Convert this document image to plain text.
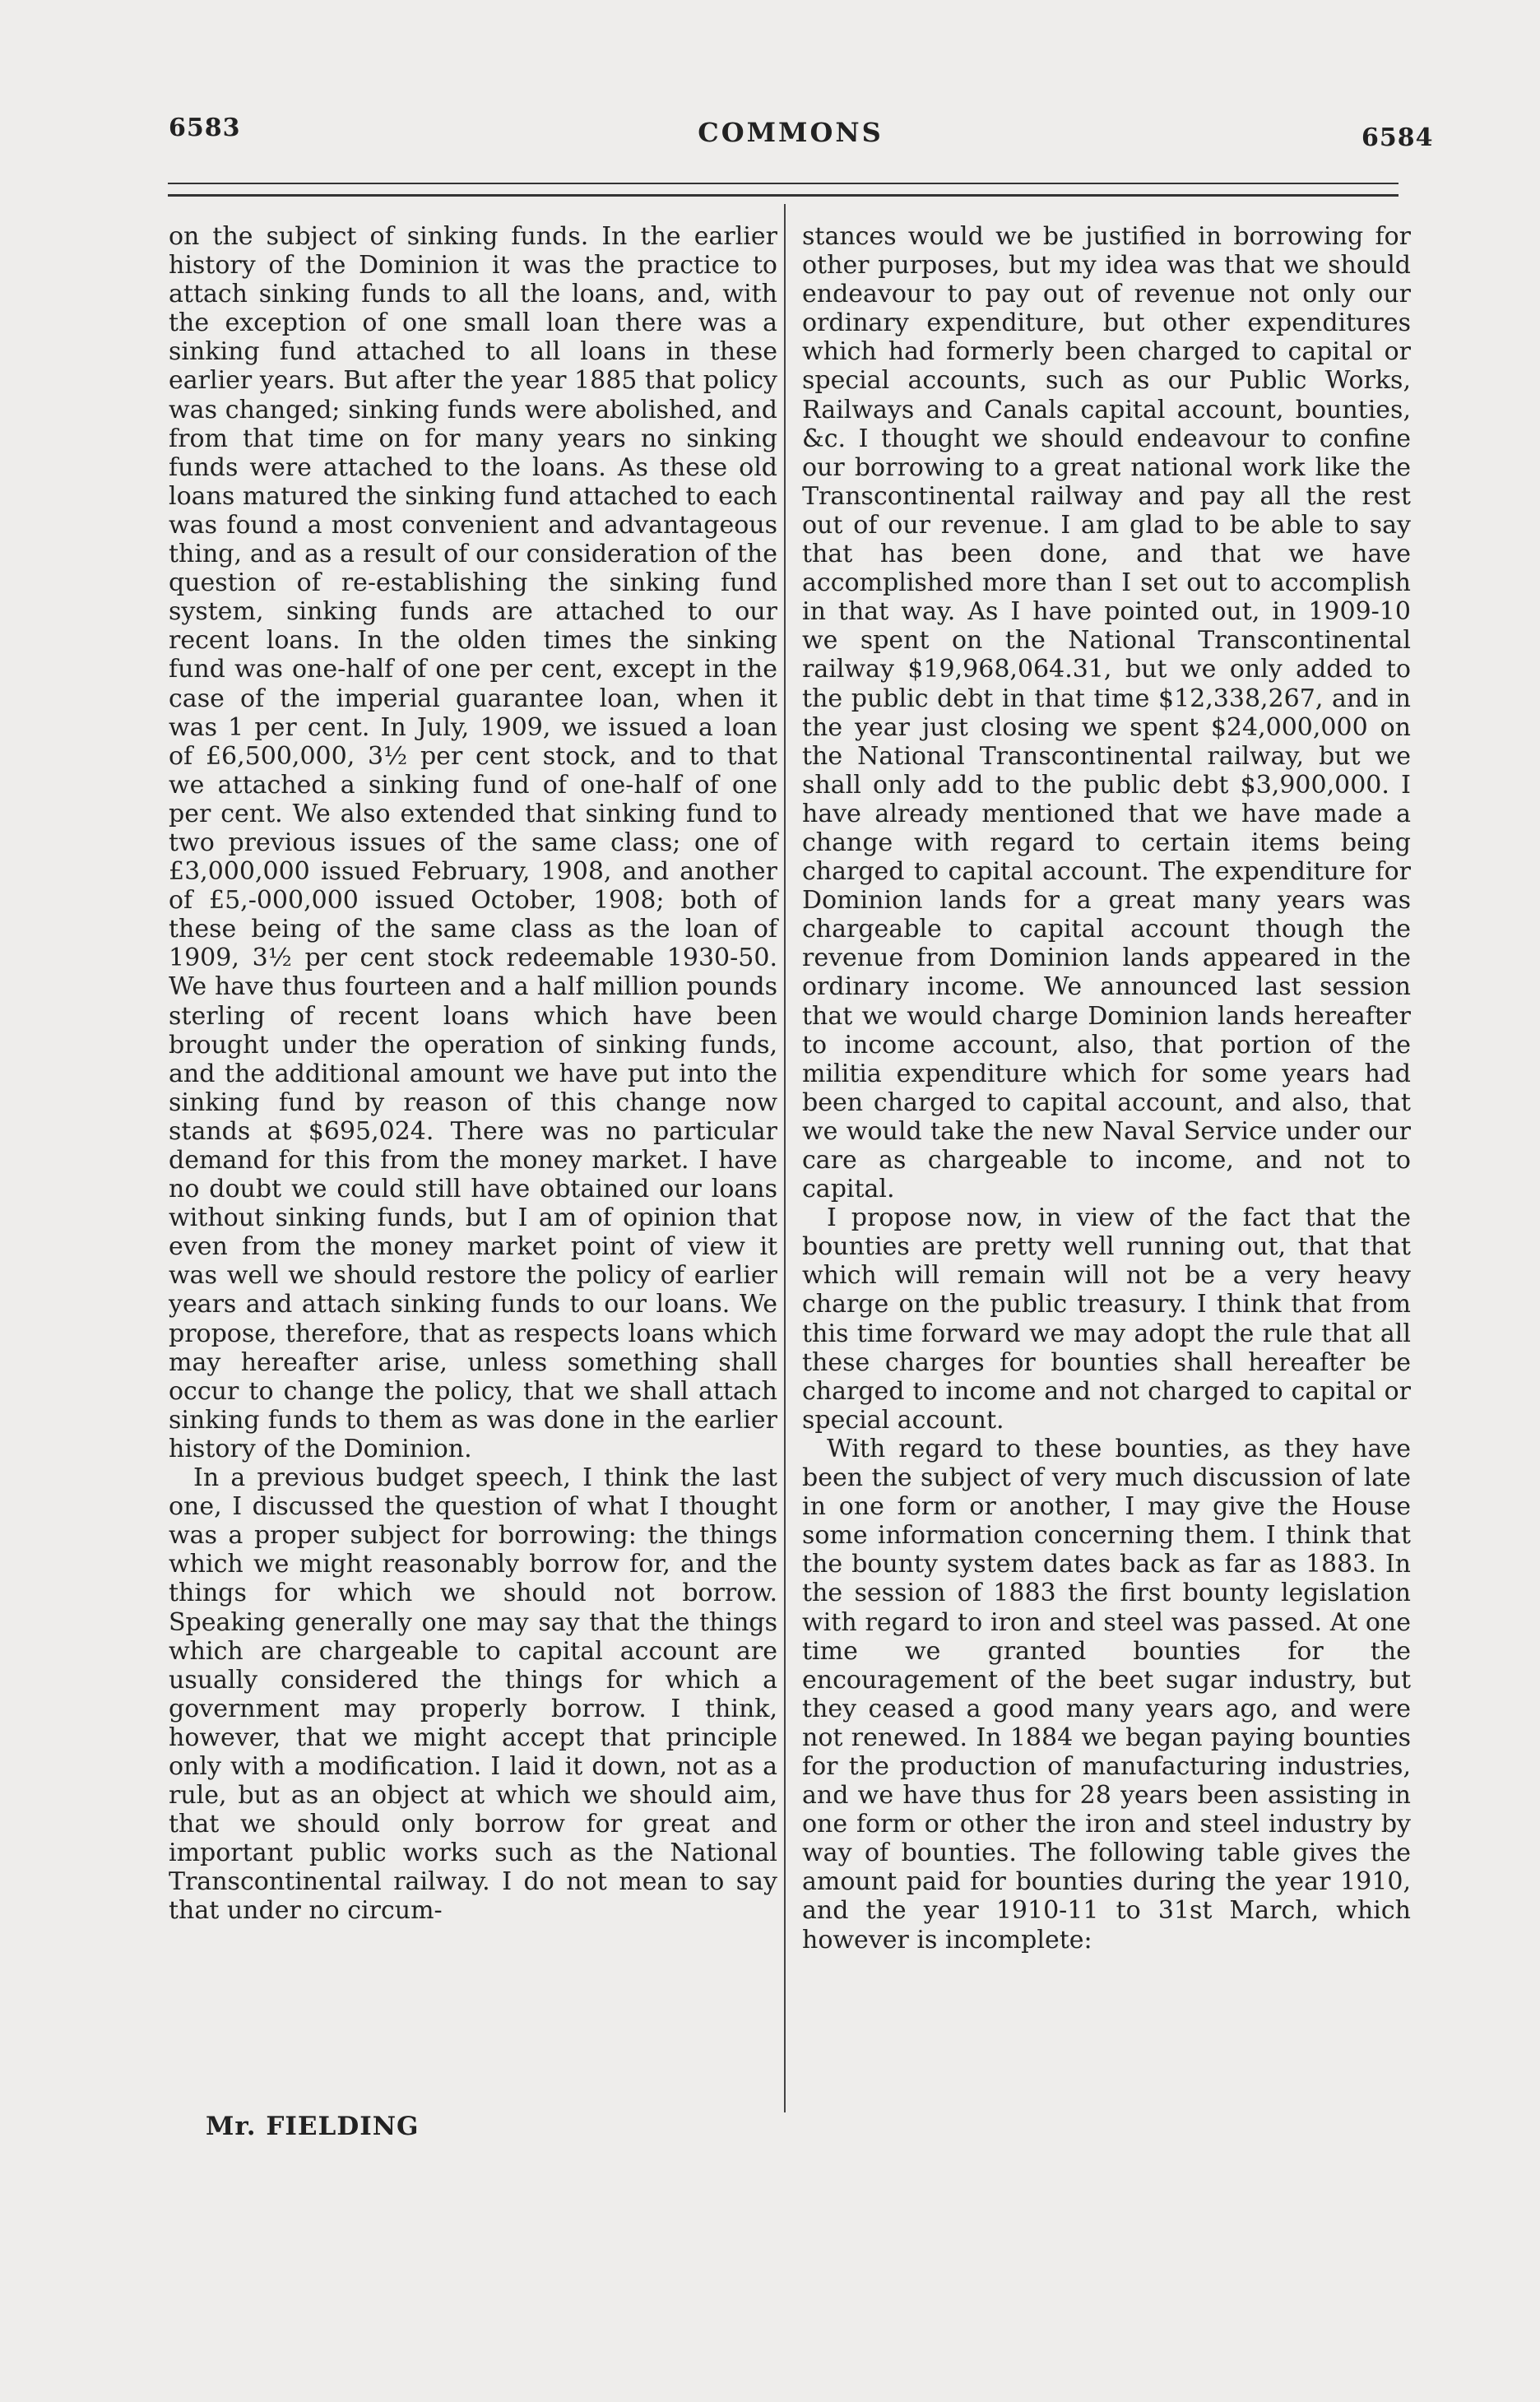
6583	COMMONS	6584

on the subject of sinking funds. In the earlier history of the Dominion it was the practice to attach sinking funds to all the loans, and, with the exception of one small loan there was a sinking fund attached to all loans in these earlier years. But after the year 1885 that policy was changed; sinking funds were abolished, and from that time on for many years no sinking funds were attached to the loans. As these old loans matured the sinking fund attached to each was found a most convenient and advantageous thing, and as a result of our consideration of the question of re-establishing the sinking fund system, sinking funds are attached to our recent loans. In the olden times the sinking fund was one-half of one per cent, except in the case of the imperial guarantee loan, when it was 1 per cent. In July, 1909, we issued a loan of £6,500,000, 3½ per cent stock, and to that we attached a sinking fund of one-half of one per cent. We also extended that sinking fund to two previous issues of the same class; one of £3,000,000 issued February, 1908, and another of £5,-000,000 issued October, 1908; both of these being of the same class as the loan of 1909, 3½ per cent stock redeemable 1930-50. We have thus fourteen and a half million pounds sterling of recent loans which have been brought under the operation of sinking funds, and the additional amount we have put into the sinking fund by reason of this change now stands at $695,024. There was no particular demand for this from the money market. I have no doubt we could still have obtained our loans without sinking funds, but I am of opinion that even from the money market point of view it was well we should restore the policy of earlier years and attach sinking funds to our loans. We propose, therefore, that as respects loans which may hereafter arise, unless something shall occur to change the policy, that we shall attach sinking funds to them as was done in the earlier history of the Dominion.

In a previous budget speech, I think the last one, I discussed the question of what I thought was a proper subject for borrowing: the things which we might reasonably borrow for, and the things for which we should not borrow. Speaking generally one may say that the things which are chargeable to capital account are usually considered the things for which a government may properly borrow. I think, however, that we might accept that principle only with a modification. I laid it down, not as a rule, but as an object at which we should aim, that we should only borrow for great and important public works such as the National Transcontinental railway. I do not mean to say that under no circum-

stances would we be justified in borrowing for other purposes, but my idea was that we should endeavour to pay out of revenue not only our ordinary expenditure, but other expenditures which had formerly been charged to capital or special accounts, such as our Public Works, Railways and Canals capital account, bounties, &c. I thought we should endeavour to confine our borrowing to a great national work like the Transcontinental railway and pay all the rest out of our revenue. I am glad to be able to say that has been done, and that we have accomplished more than I set out to accomplish in that way. As I have pointed out, in 1909-10 we spent on the National Transcontinental railway $19,968,064.31, but we only added to the public debt in that time $12,338,267, and in the year just closing we spent $24,000,000 on the National Transcontinental railway, but we shall only add to the public debt $3,900,000. I have already mentioned that we have made a change with regard to certain items being charged to capital account. The expenditure for Dominion lands for a great many years was chargeable to capital account though the revenue from Dominion lands appeared in the ordinary income. We announced last session that we would charge Dominion lands hereafter to income account, also, that portion of the militia expenditure which for some years had been charged to capital account, and also, that we would take the new Naval Service under our care as chargeable to income, and not to capital.

I propose now, in view of the fact that the bounties are pretty well running out, that that which will remain will not be a very heavy charge on the public treasury. I think that from this time forward we may adopt the rule that all these charges for bounties shall hereafter be charged to income and not charged to capital or special account.

With regard to these bounties, as they have been the subject of very much discussion of late in one form or another, I may give the House some information concerning them. I think that the bounty system dates back as far as 1883. In the session of 1883 the first bounty legislation with regard to iron and steel was passed. At one time we granted bounties for the encouragement of the beet sugar industry, but they ceased a good many years ago, and were not renewed. In 1884 we began paying bounties for the production of manufacturing industries, and we have thus for 28 years been assisting in one form or other the iron and steel industry by way of bounties. The following table gives the amount paid for bounties during the year 1910, and the year 1910-11 to 31st March, which however is incomplete:

Mr. FIELDING
